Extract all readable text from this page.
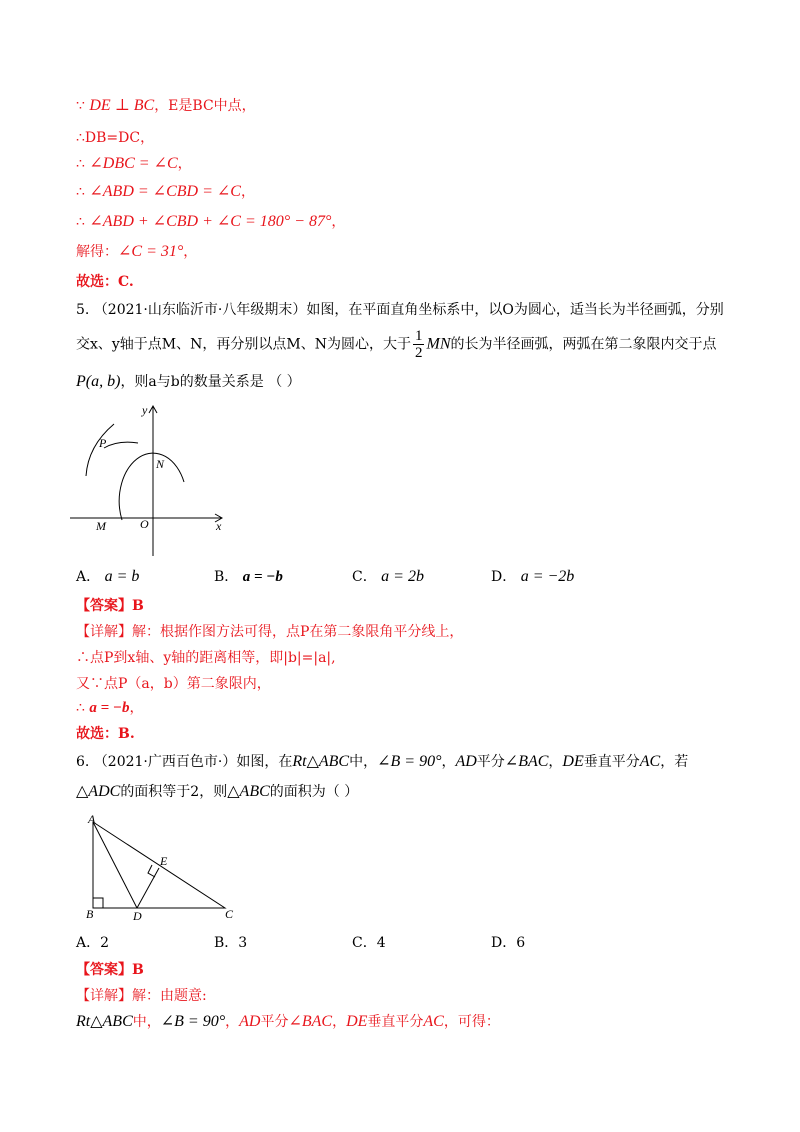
∵ DE ⊥ BC，E是BC中点，
∴DB=DC，
∴ ∠DBC = ∠C，
∴ ∠ABD = ∠CBD = ∠C，
∴ ∠ABD + ∠CBD + ∠C = 180° − 87°，
解得：∠C = 31°，
故选：C.
5. （2021·山东临沂市·八年级期末）如图，在平面直角坐标系中，以O为圆心，适当长为半径画弧，分别
交x、y轴于点M、N，再分别以点M、N为圆心，大于 $\frac{1}{2}$ MN的长为半径画弧，两弧在第二象限内交于点
P(a, b)，则a与b的数量关系是 （ ）
y
x
P
N
M	O
A． a = b	B． a = −b	C． a = 2b	D． a = −2b
【答案】B
【详解】解：根据作图方法可得，点P在第二象限角平分线上，
∴点P到x轴、y轴的距离相等，即|b|=|a|,
又∵点P（a，b）第二象限内，
∴ a = −b，
故选：B.
6. （2021·广西百色市·）如图，在Rt△ABC中，∠B = 90°，AD平分∠BAC，DE垂直平分AC，若
△ADC的面积等于2，则△ABC的面积为（ ）
A
B	C
D
E
A．2	B．3	C．4	D．6
【答案】B
【详解】解：由题意:
Rt△ABC中，∠B = 90°，AD平分∠BAC，DE垂直平分AC，可得：
